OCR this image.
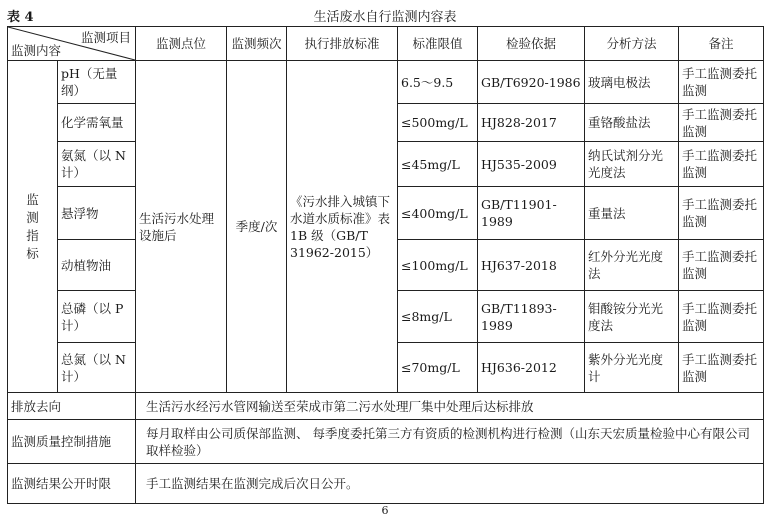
表 4	生活废水自行监测内容表
监测项目
监测内容		监测点位	监测频次	执行排放标准	标准限值	检验依据	分析方法	备注
监测指标	pH（无量纲）	生活污水处理设施后	季度/次	《污水排入城镇下水道水质标准》表 1B 级（GB/T 31962-2015）	6.5～9.5	GB/T6920-1986	玻璃电极法	手工监测委托监测
	化学需氧量				≤500mg/L	HJ828-2017	重铬酸盐法	手工监测委托监测
	氨氮（以 N 计）				≤45mg/L	HJ535-2009	纳氏试剂分光光度法	手工监测委托监测
	悬浮物				≤400mg/L	GB/T11901-1989	重量法	手工监测委托监测
	动植物油				≤100mg/L	HJ637-2018	红外分光光度法	手工监测委托监测
	总磷（以 P 计）				≤8mg/L	GB/T11893-1989	钼酸铵分光光度法	手工监测委托监测
	总氮（以 N 计）				≤70mg/L	HJ636-2012	紫外分光光度计	手工监测委托监测
排放去向		生活污水经污水管网输送至荣成市第二污水处理厂集中处理后达标排放						
监测质量控制措施		每月取样由公司质保部监测、 每季度委托第三方有资质的检测机构进行检测（山东天宏质量检验中心有限公司取样检验）						
监测结果公开时限		手工监测结果在监测完成后次日公开。						
6
